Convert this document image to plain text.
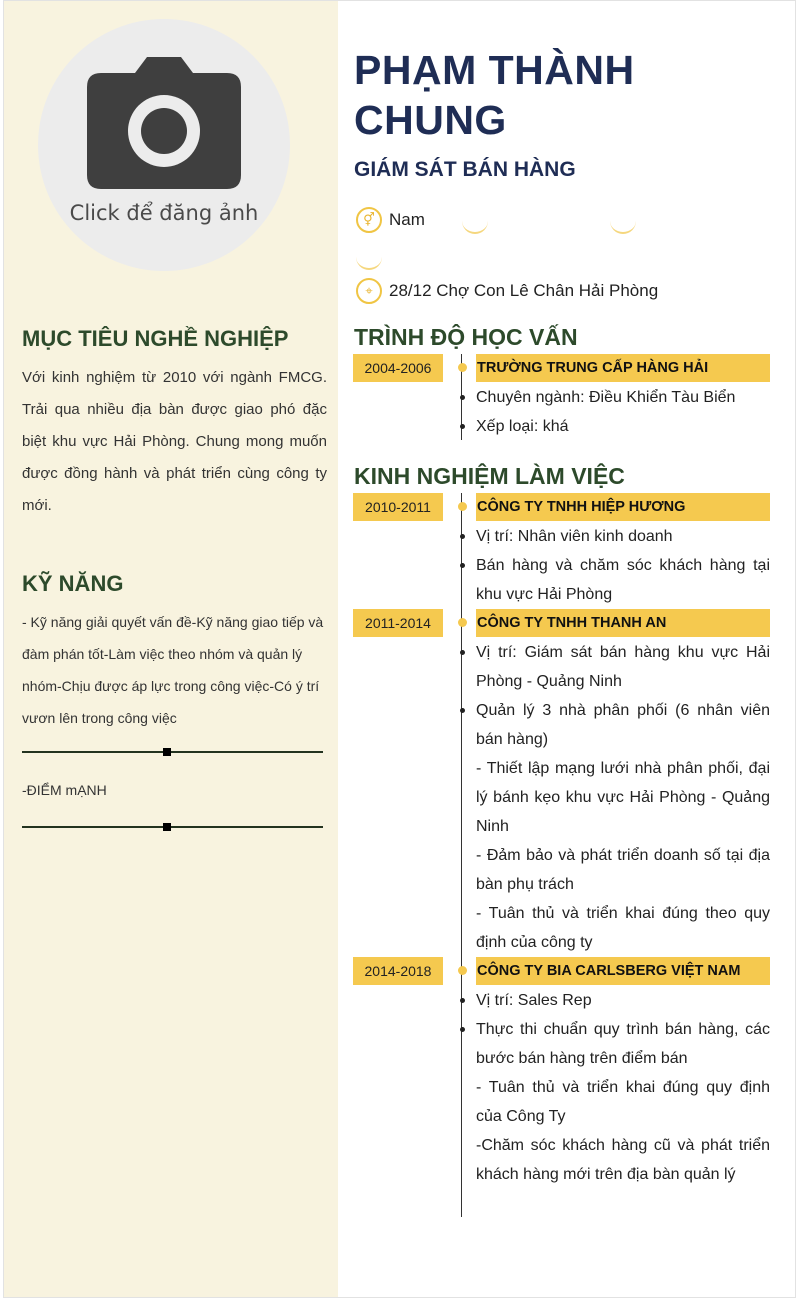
Click để đăng ảnh
MỤC TIÊU NGHỀ NGHIỆP

Với kinh nghiệm từ 2010 với ngành FMCG. Trải qua nhiều địa bàn được giao phó đặc biệt khu vực Hải Phòng. Chung mong muốn được đồng hành và phát triển cùng công ty mới.

KỸ NĂNG

- Kỹ năng giải quyết vấn đề-Kỹ năng giao tiếp và đàm phán tốt-Làm việc theo nhóm và quản lý nhóm-Chịu được áp lực trong công việc-Có ý trí vươn lên trong công việc

-ĐIỂM mẠNH

PHẠM THÀNH CHUNG
GIÁM SÁT BÁN HÀNG
⚥ Nam
⌖ 28/12 Chợ Con Lê Chân Hải Phòng
TRÌNH ĐỘ HỌC VẤN
2004-2006	TRƯỜNG TRUNG CẤP HÀNG HẢI

Chuyên ngành: Điều Khiển Tàu Biển

Xếp loại: khá

KINH NGHIỆM LÀM VIỆC
2010-2011	CÔNG TY TNHH HIỆP HƯƠNG

Vị trí: Nhân viên kinh doanh

Bán hàng và chăm sóc khách hàng tại khu vực Hải Phòng

2011-2014	CÔNG TY TNHH THANH AN

Vị trí: Giám sát bán hàng khu vực Hải Phòng - Quảng Ninh

Quản lý 3 nhà phân phối (6 nhân viên bán hàng)

- Thiết lập mạng lưới nhà phân phối, đại lý bánh kẹo khu vực Hải Phòng - Quảng Ninh

- Đảm bảo và phát triển doanh số tại địa bàn phụ trách

- Tuân thủ và triển khai đúng theo quy định của công ty

2014-2018	CÔNG TY BIA CARLSBERG VIỆT NAM

Vị trí: Sales Rep

Thực thi chuẩn quy trình bán hàng, các bước bán hàng trên điểm bán

- Tuân thủ và triển khai đúng quy định của Công Ty

-Chăm sóc khách hàng cũ và phát triển khách hàng mới trên địa bàn quản lý
